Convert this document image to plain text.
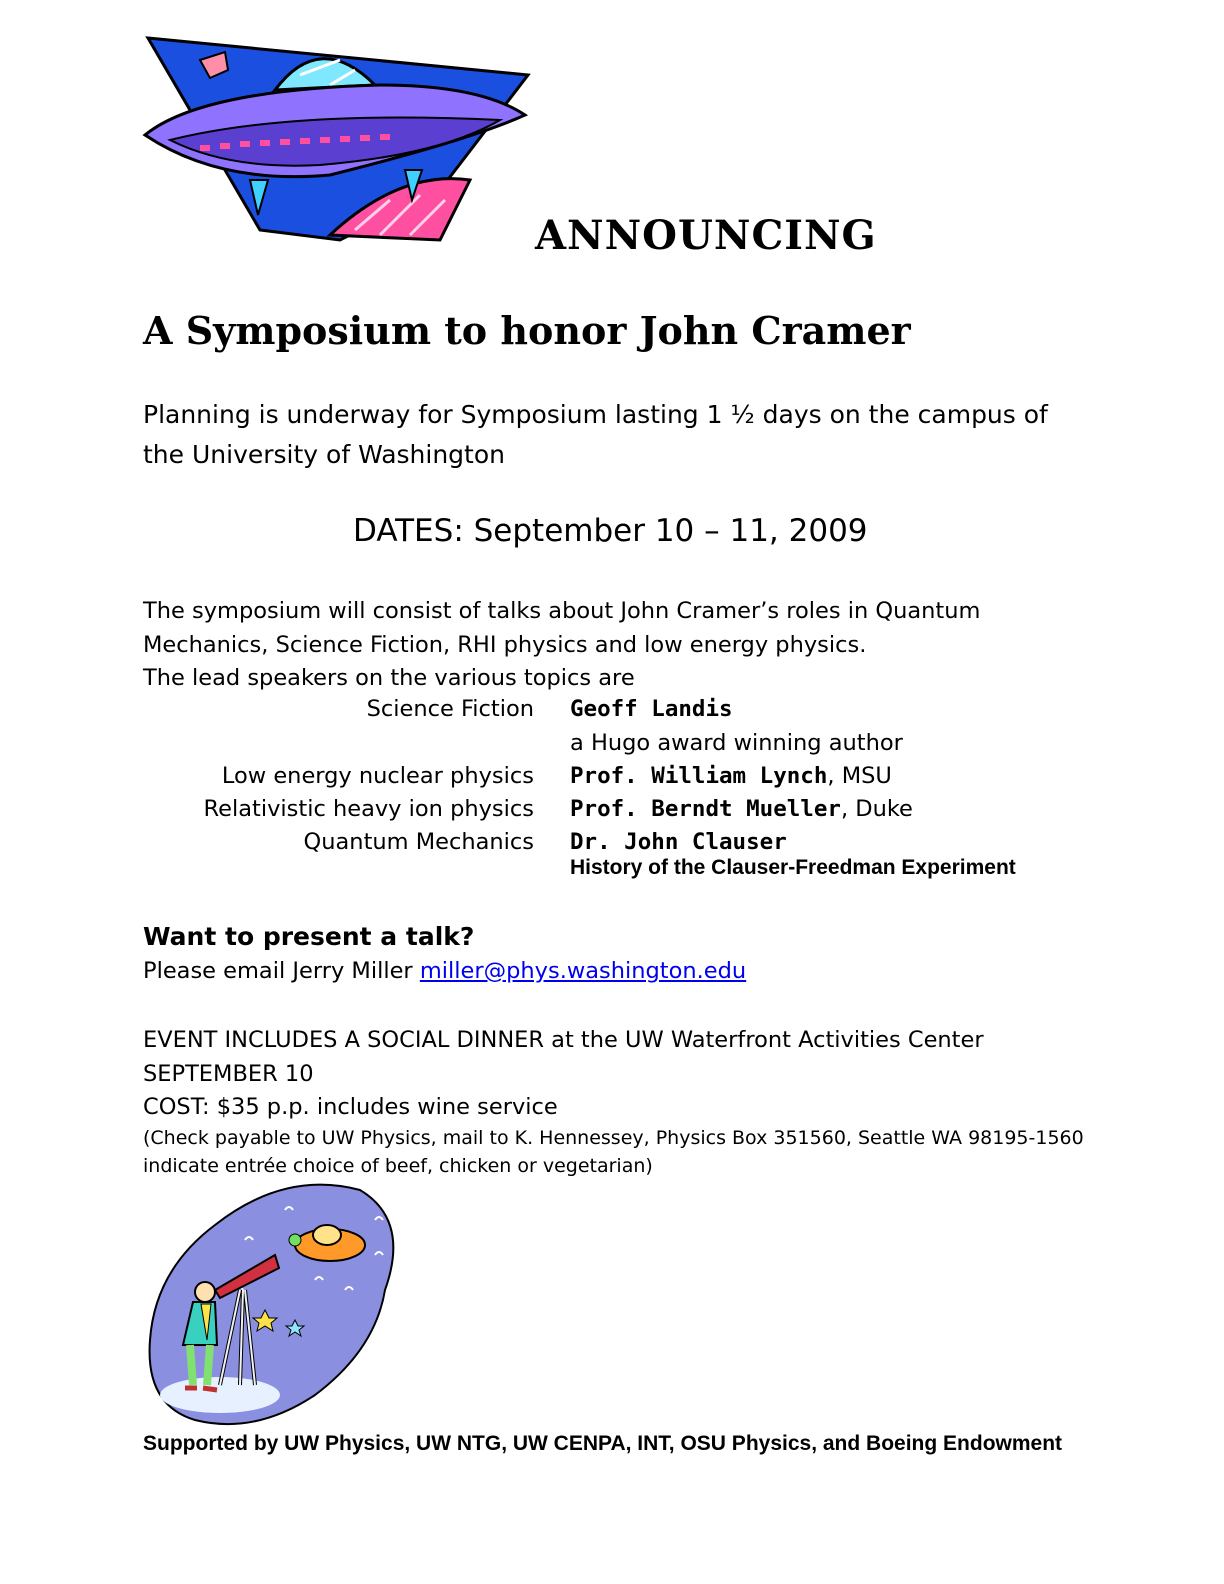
ANNOUNCING
A Symposium to honor John Cramer
Planning is underway for Symposium lasting 1 ½ days on the campus of
the University of Washington
DATES: September 10 – 11, 2009
The symposium will consist of talks about John Cramer’s roles in Quantum
Mechanics, Science Fiction, RHI physics and low energy physics.
The lead speakers on the various topics are
Science Fiction Geoff Landis
a Hugo award winning author
Low energy nuclear physics Prof. William Lynch, MSU
Relativistic heavy ion physics Prof. Berndt Mueller, Duke
Quantum Mechanics Dr. John Clauser
History of the Clauser-Freedman Experiment
Want to present a talk?
Please email Jerry Miller miller@phys.washington.edu
EVENT INCLUDES A SOCIAL DINNER at the UW Waterfront Activities Center
SEPTEMBER 10
COST: $35 p.p. includes wine service
(Check payable to UW Physics, mail to K. Hennessey, Physics Box 351560, Seattle WA 98195-1560
indicate entrée choice of beef, chicken or vegetarian)
Supported by UW Physics, UW NTG, UW CENPA, INT, OSU Physics, and Boeing Endowment
